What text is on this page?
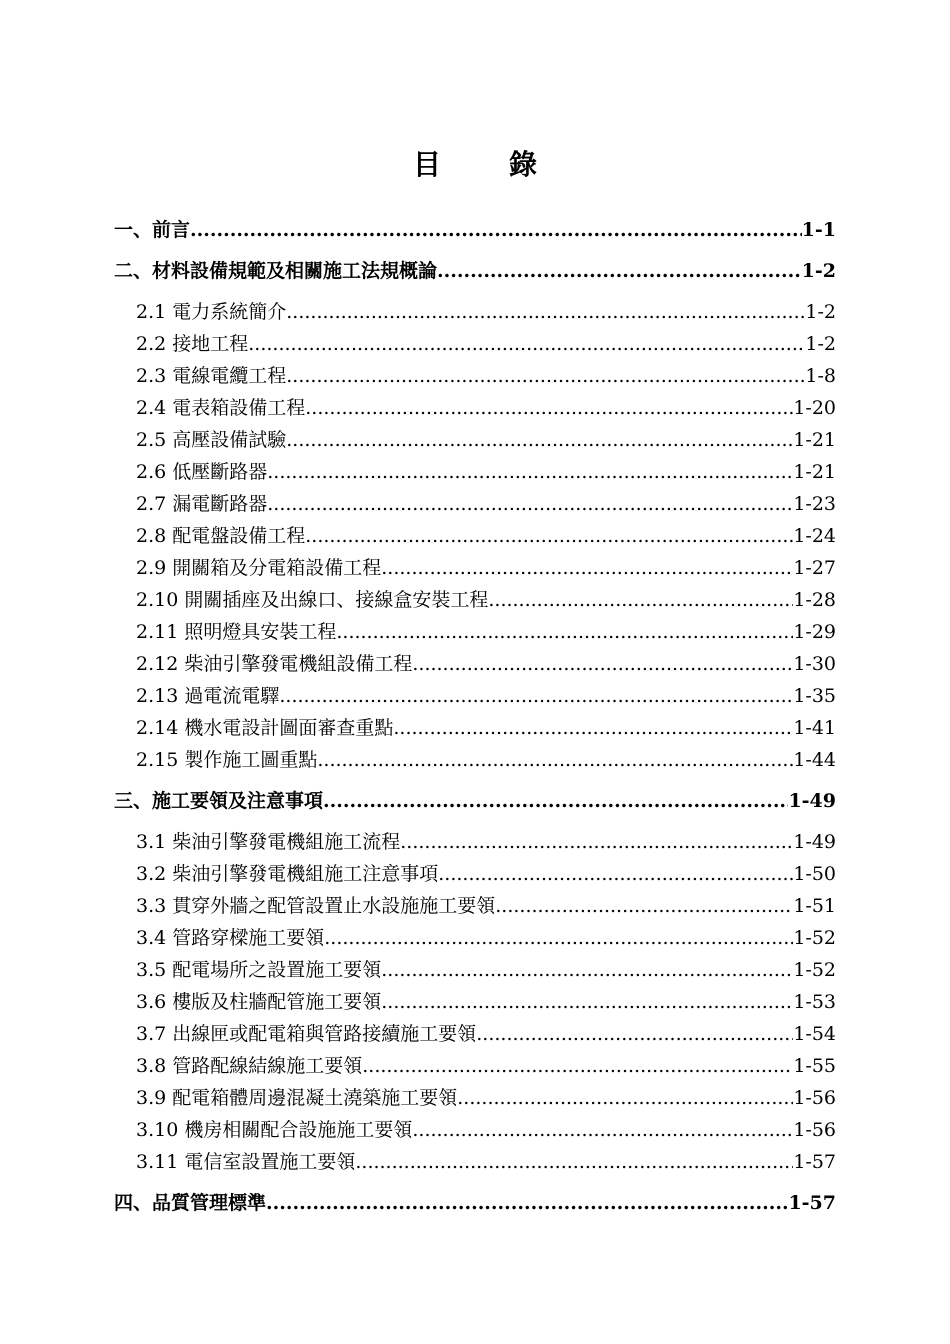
目 錄
一、前言 .....	1-1
二、材料設備規範及相關施工法規概論 .....	1-2
2.1 電力系統簡介 .....	1-2
2.2 接地工程 .....	1-2
2.3 電線電纜工程 .....	1-8
2.4 電表箱設備工程 .....	1-20
2.5 高壓設備試驗 .....	1-21
2.6 低壓斷路器 .....	1-21
2.7 漏電斷路器 .....	1-23
2.8 配電盤設備工程 .....	1-24
2.9 開關箱及分電箱設備工程 .....	1-27
2.10 開關插座及出線口、接線盒安裝工程 .....	1-28
2.11 照明燈具安裝工程 .....	1-29
2.12 柴油引擎發電機組設備工程 .....	1-30
2.13 過電流電驛 .....	1-35
2.14 機水電設計圖面審查重點 .....	1-41
2.15 製作施工圖重點 .....	1-44
三、施工要領及注意事項 .....	1-49
3.1 柴油引擎發電機組施工流程 .....	1-49
3.2 柴油引擎發電機組施工注意事項 .....	1-50
3.3 貫穿外牆之配管設置止水設施施工要領 .....	1-51
3.4 管路穿樑施工要領 .....	1-52
3.5 配電場所之設置施工要領 .....	1-52
3.6 樓版及柱牆配管施工要領 .....	1-53
3.7 出線匣或配電箱與管路接續施工要領 .....	1-54
3.8 管路配線結線施工要領 .....	1-55
3.9 配電箱體周邊混凝土澆築施工要領 .....	1-56
3.10 機房相關配合設施施工要領 .....	1-56
3.11 電信室設置施工要領 .....	1-57
四、品質管理標準 .....	1-57
